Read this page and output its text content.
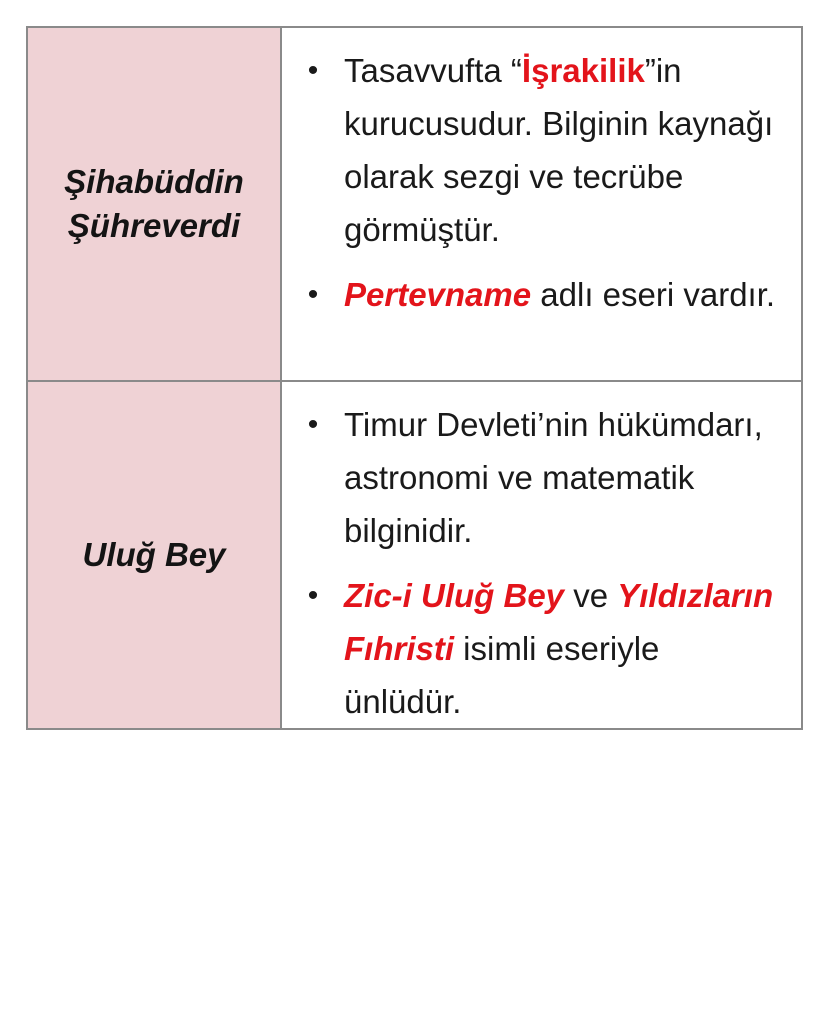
Şihabüddin
Şühreverdi
• Tasavvufta “İşrakilik”in kurucusudur. Bilginin kaynağı olarak sezgi ve tecrübe görmüştür.
• Pertevname adlı eseri vardır.
Uluğ Bey
• Timur Devleti’nin hükümdarı, astronomi ve matematik bilginidir.
• Zic-i Uluğ Bey ve Yıldızların Fıhristi isimli eseriyle ünlüdür.
